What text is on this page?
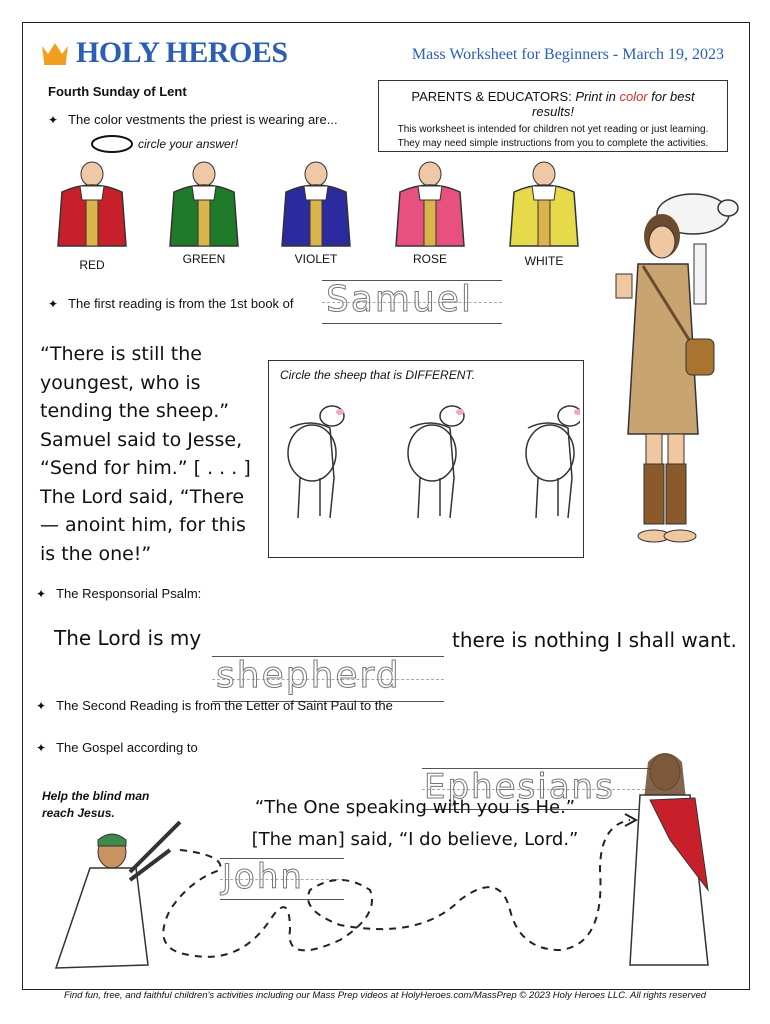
HOLY HEROES	Mass Worksheet for Beginners - March 19, 2023
Fourth Sunday of Lent	PARENTS & EDUCATORS: Print in color for best results!
This worksheet is intended for children not yet reading or just learning.
They may need simple instructions from you to complete the activities.
✦ The color vestments the priest is wearing are...
circle your answer!
RED	GREEN	VIOLET	ROSE	WHITE
✦ The first reading is from the 1st book of Samuel
“There is still the
youngest, who is
tending the sheep.”
Samuel said to Jesse,
“Send for him.” [ . . . ]
The Lord said, “There
— anoint him, for this
is the one!”
Circle the sheep that is DIFFERENT.
✦ The Responsorial Psalm:
The Lord is my
shepherd
there is nothing I shall want.
✦ The Second Reading is from the Letter of Saint Paul to the
Ephesians
✦ The Gospel according to
John
Help the blind man
reach Jesus.	“The One speaking with you is He.”
[The man] said, “I do believe, Lord.”
Find fun, free, and faithful children's activities including our Mass Prep videos at HolyHeroes.com/MassPrep © 2023 Holy Heroes LLC. All rights reserved
